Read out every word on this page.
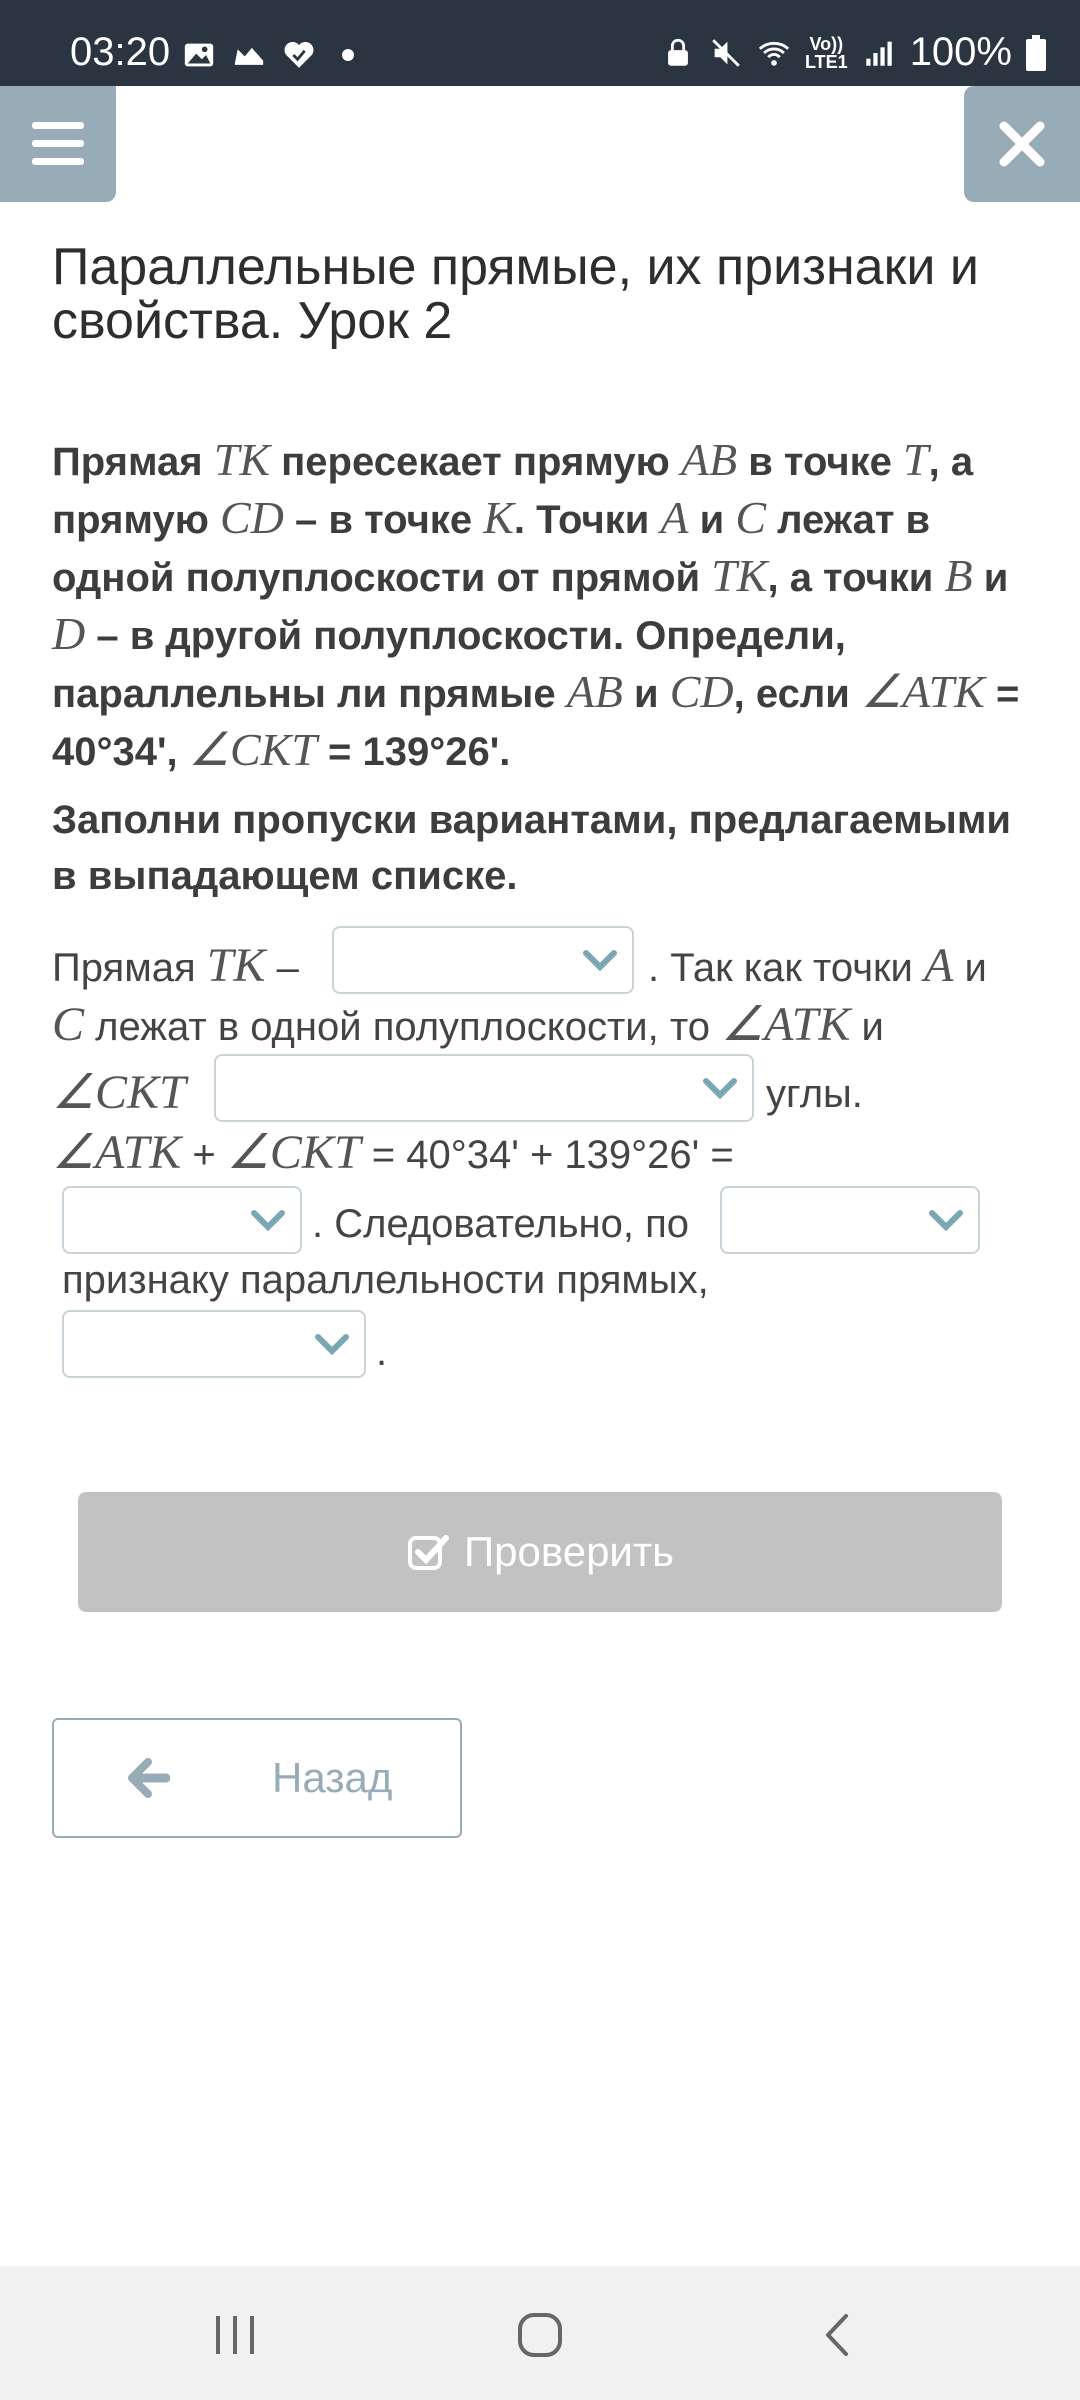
03:20	Vo))
LTE1 100%
Параллельные прямые, их признаки и свойства. Урок 2
Прямая TK пересекает прямую AB в точке T, а прямую CD – в точке K. Точки A и C лежат в одной полуплоскости от прямой TK, а точки B и D – в другой полуплоскости. Определи, параллельны ли прямые AB и CD, если ∠ATK = 40°34', ∠CKT = 139°26'.
Заполни пропуски вариантами, предлагаемыми в выпадающем списке.
Прямая TK –	. Так как точки A и
C лежат в одной полуплоскости, то ∠ATK и
∠CKT	углы.
∠ATK + ∠CKT = 40°34' + 139°26' =
. Следовательно, по
признаку параллельности прямых,
.
Проверить
Назад
